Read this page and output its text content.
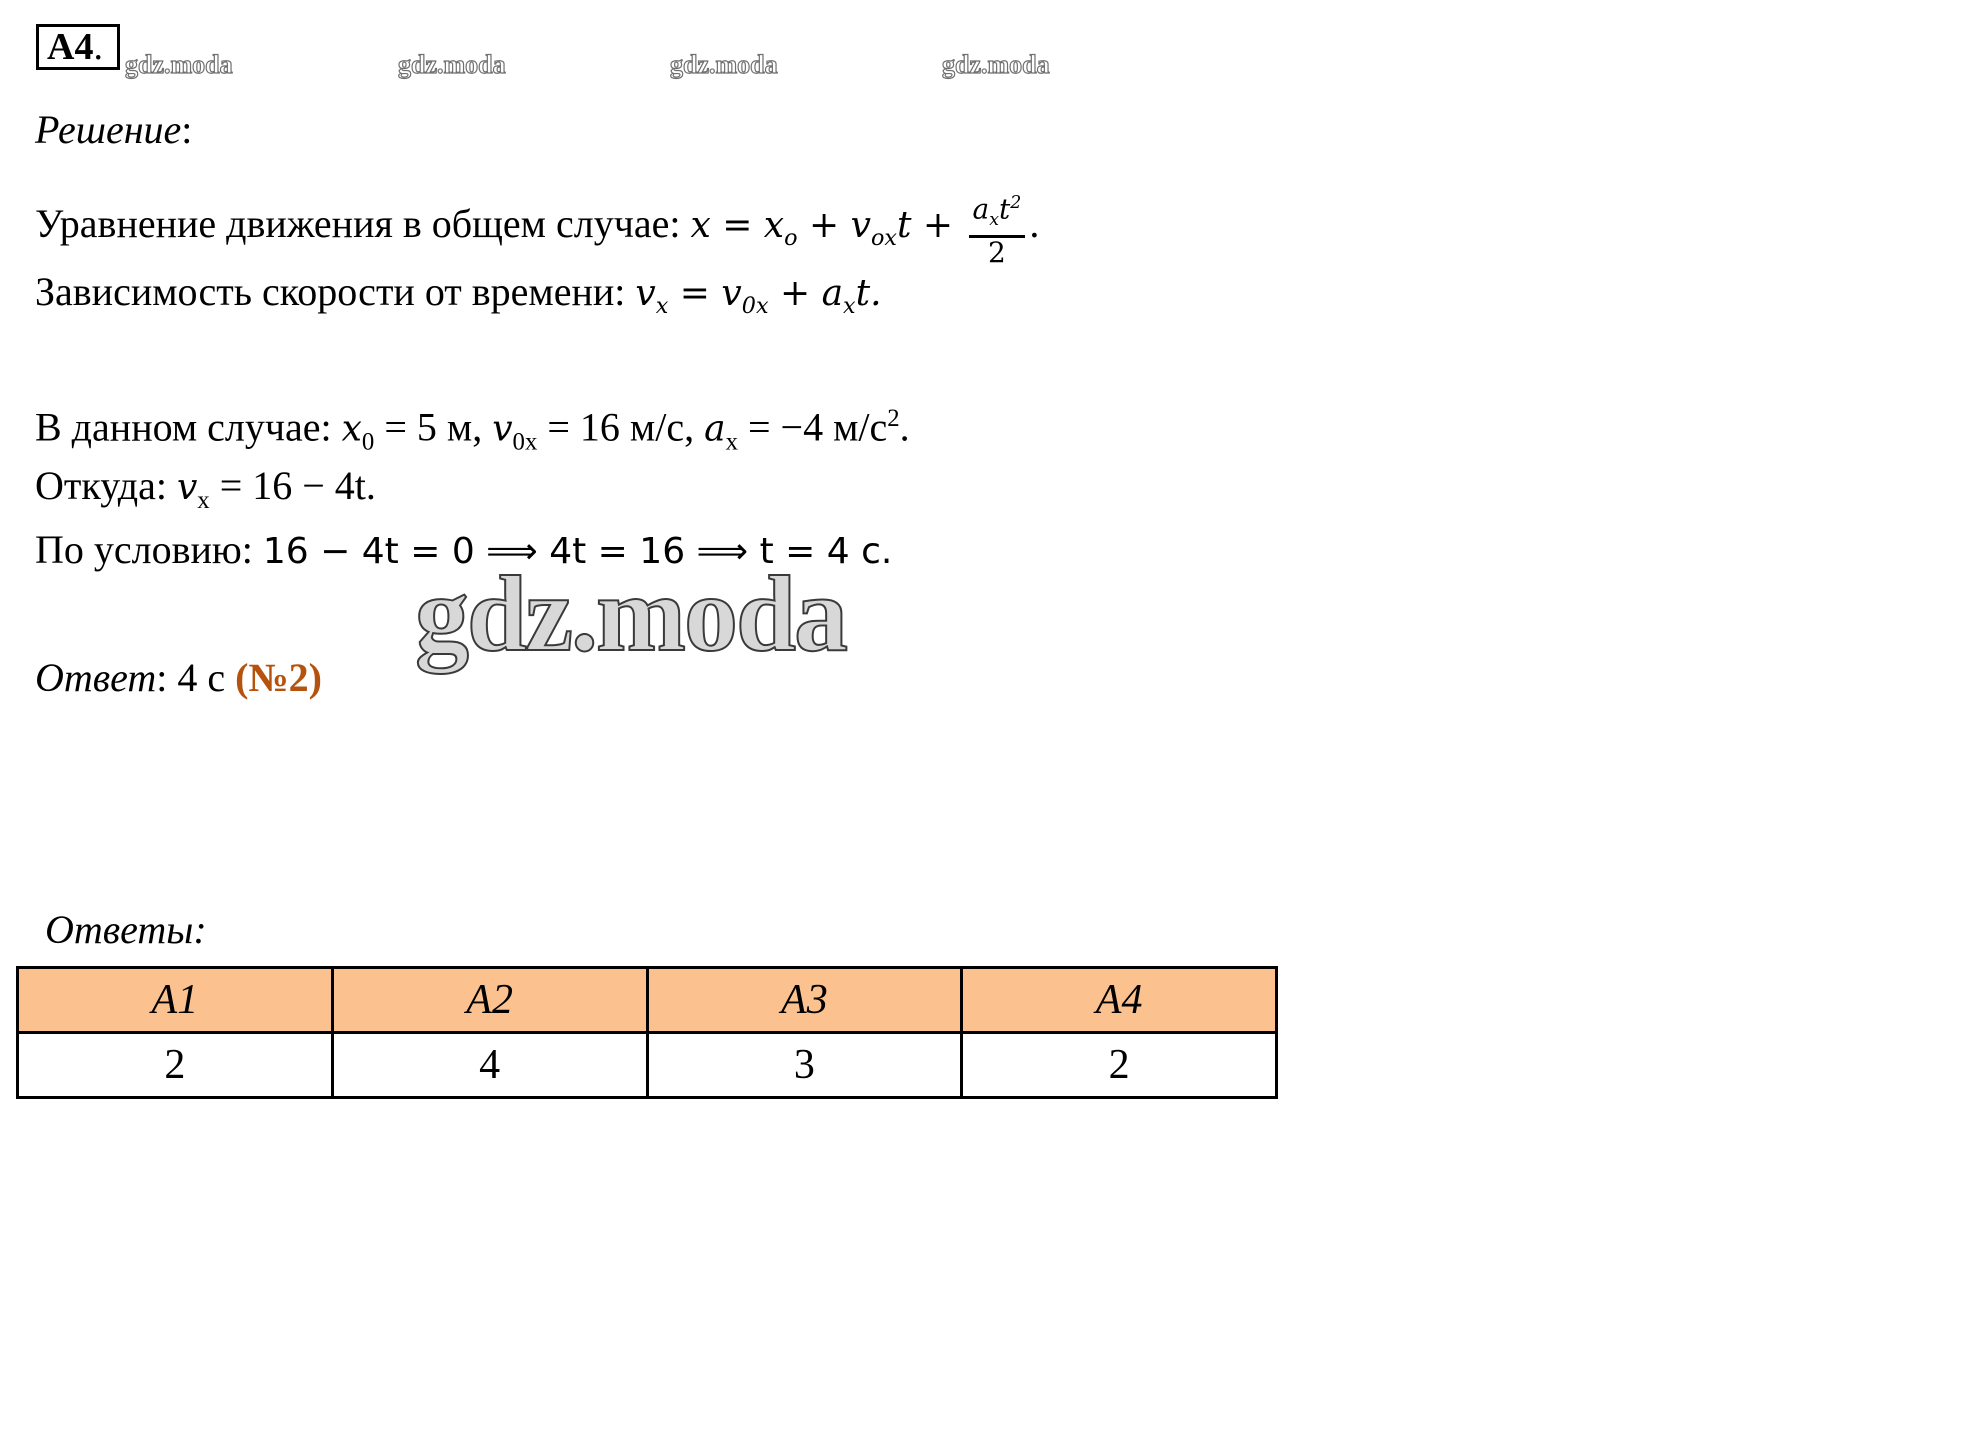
А4. gdz.moda	gdz.moda	gdz.moda	gdz.moda
Решение:
Уравнение движения в общем случае: $x = x_o + v_{ox}t + \frac{a_xt^2}{2}$ .
Зависимость скорости от времени: $v_x = v_{0x} + a_xt$.
В данном случае: $x_0 = 5$ м, $v_{0x} = 16$ м/с, $a_x = -4$ $м/с^2$.
Откуда: $v_x = 16 - 4t$.
По условию: 16 − 4t = 0 ⟹ 4t = 16 ⟹ t = 4 с.
gdz.moda
Ответ: 4 с (№2)
Ответы:
А1	А2	А3	А4
2	4	3	2
